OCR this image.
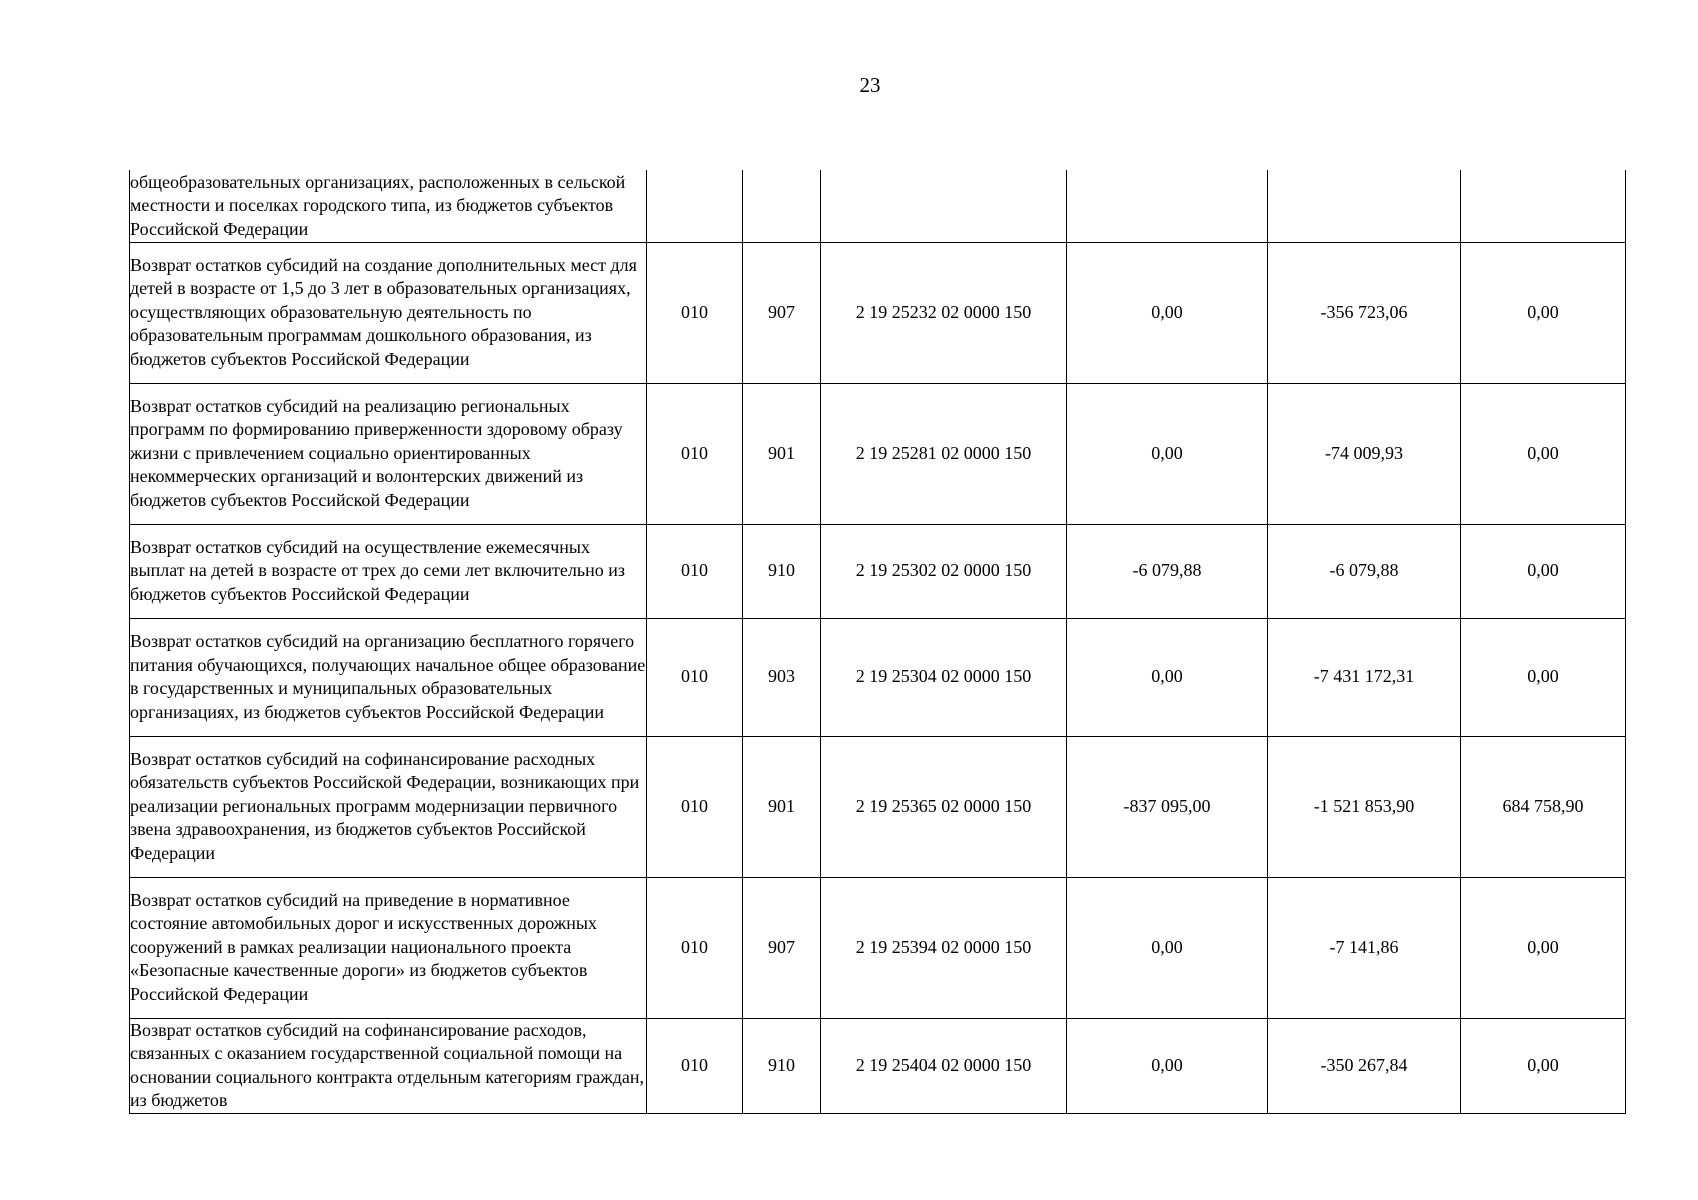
23
общеобразовательных организациях, расположенных в сельской местности и поселках городского типа, из бюджетов субъектов Российской Федерации						

Возврат остатков субсидий на создание дополнительных мест для детей в возрасте от 1,5 до 3 лет в образовательных организациях, осуществляющих образовательную деятельность по образовательным программам дошкольного образования, из бюджетов субъектов Российской Федерации	010	907	2 19 25232 02 0000 150	0,00	-356 723,06	0,00

Возврат остатков субсидий на реализацию региональных программ по формированию приверженности здоровому образу жизни с привлечением социально ориентированных некоммерческих организаций и волонтерских движений из бюджетов субъектов Российской Федерации	010	901	2 19 25281 02 0000 150	0,00	-74 009,93	0,00

Возврат остатков субсидий на осуществление ежемесячных выплат на детей в возрасте от трех до семи лет включительно из бюджетов субъектов Российской Федерации	010	910	2 19 25302 02 0000 150	-6 079,88	-6 079,88	0,00

Возврат остатков субсидий на организацию бесплатного горячего питания обучающихся, получающих начальное общее образование в государственных и муниципальных образовательных организациях, из бюджетов субъектов Российской Федерации	010	903	2 19 25304 02 0000 150	0,00	-7 431 172,31	0,00

Возврат остатков субсидий на софинансирование расходных обязательств субъектов Российской Федерации, возникающих при реализации региональных программ модернизации первичного звена здравоохранения, из бюджетов субъектов Российской Федерации	010	901	2 19 25365 02 0000 150	-837 095,00	-1 521 853,90	684 758,90

Возврат остатков субсидий на приведение в нормативное состояние автомобильных дорог и искусственных дорожных сооружений в рамках реализации национального проекта «Безопасные качественные дороги» из бюджетов субъектов Российской Федерации	010	907	2 19 25394 02 0000 150	0,00	-7 141,86	0,00

Возврат остатков субсидий на софинансирование расходов, связанных с оказанием государственной социальной помощи на основании социального контракта отдельным категориям граждан, из бюджетов	010	910	2 19 25404 02 0000 150	0,00	-350 267,84	0,00
